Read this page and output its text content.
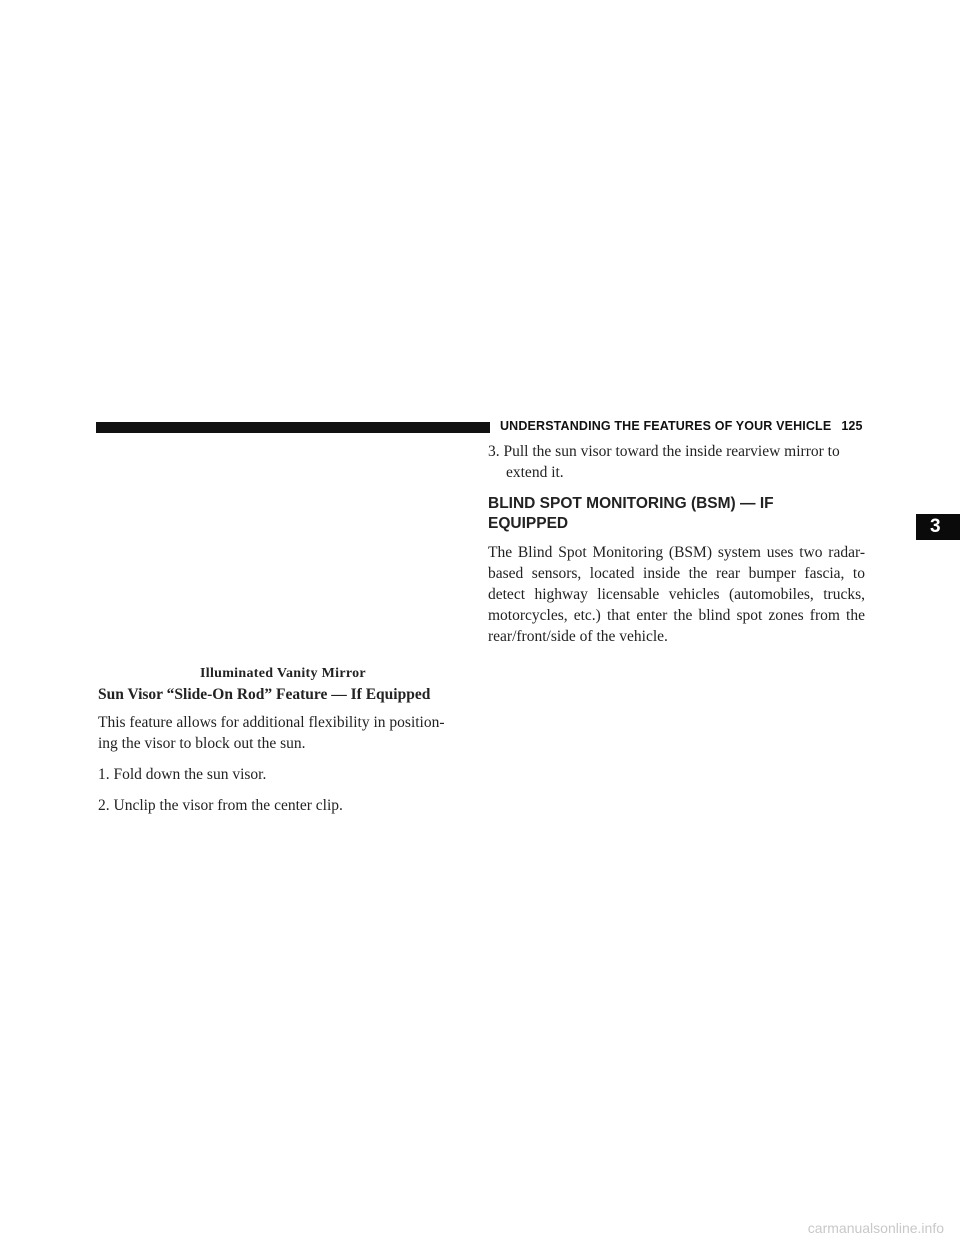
UNDERSTANDING THE FEATURES OF YOUR VEHICLE 125
3
Illuminated Vanity Mirror
Sun Visor “Slide-On Rod” Feature — If Equipped

This feature allows for additional flexibility in position-

ing the visor to block out the sun.

1. Fold down the sun visor.

2. Unclip the visor from the center clip.

3. Pull the sun visor toward the inside rearview mirror to

extend it.

BLIND SPOT MONITORING (BSM) — IF
EQUIPPED

The Blind Spot Monitoring (BSM) system uses two radar-

based sensors, located inside the rear bumper fascia, to

detect highway licensable vehicles (automobiles, trucks,

motorcycles, etc.) that enter the blind spot zones from the

rear/front/side of the vehicle.

carmanualsonline.info
